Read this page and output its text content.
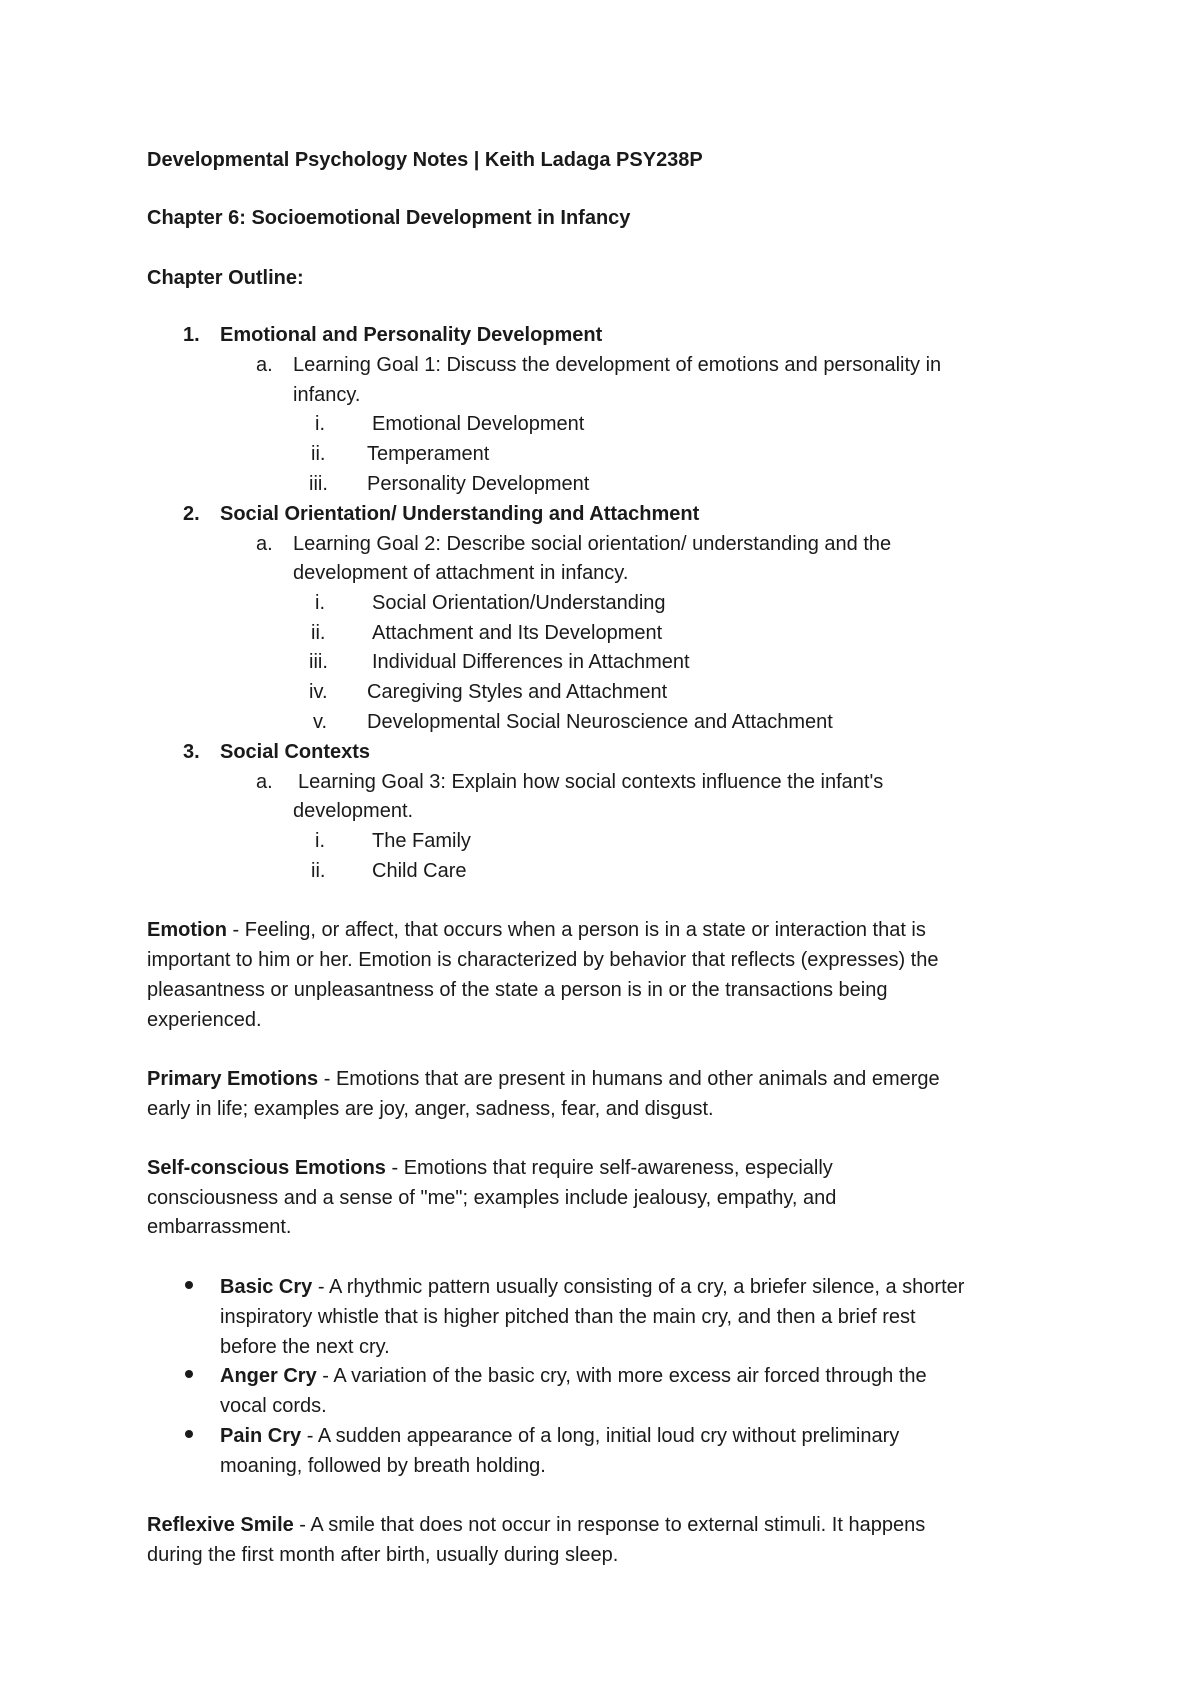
Developmental Psychology Notes | Keith Ladaga PSY238P
Chapter 6: Socioemotional Development in Infancy
Chapter Outline:
1. Emotional and Personality Development
a. Learning Goal 1: Discuss the development of emotions and personality in
infancy.
i. Emotional Development
ii. Temperament
iii. Personality Development
2. Social Orientation/ Understanding and Attachment
a. Learning Goal 2: Describe social orientation/ understanding and the
development of attachment in infancy.
i. Social Orientation/Understanding
ii. Attachment and Its Development
iii. Individual Differences in Attachment
iv. Caregiving Styles and Attachment
v. Developmental Social Neuroscience and Attachment
3. Social Contexts
a. Learning Goal 3: Explain how social contexts influence the infant's
development.
i. The Family
ii. Child Care
Emotion - Feeling, or affect, that occurs when a person is in a state or interaction that is
important to him or her. Emotion is characterized by behavior that reflects (expresses) the
pleasantness or unpleasantness of the state a person is in or the transactions being
experienced.
Primary Emotions - Emotions that are present in humans and other animals and emerge
early in life; examples are joy, anger, sadness, fear, and disgust.
Self-conscious Emotions - Emotions that require self-awareness, especially
consciousness and a sense of "me"; examples include jealousy, empathy, and
embarrassment.
Basic Cry - A rhythmic pattern usually consisting of a cry, a briefer silence, a shorter
inspiratory whistle that is higher pitched than the main cry, and then a brief rest
before the next cry.
Anger Cry - A variation of the basic cry, with more excess air forced through the
vocal cords.
Pain Cry - A sudden appearance of a long, initial loud cry without preliminary
moaning, followed by breath holding.
Reflexive Smile - A smile that does not occur in response to external stimuli. It happens
during the first month after birth, usually during sleep.
